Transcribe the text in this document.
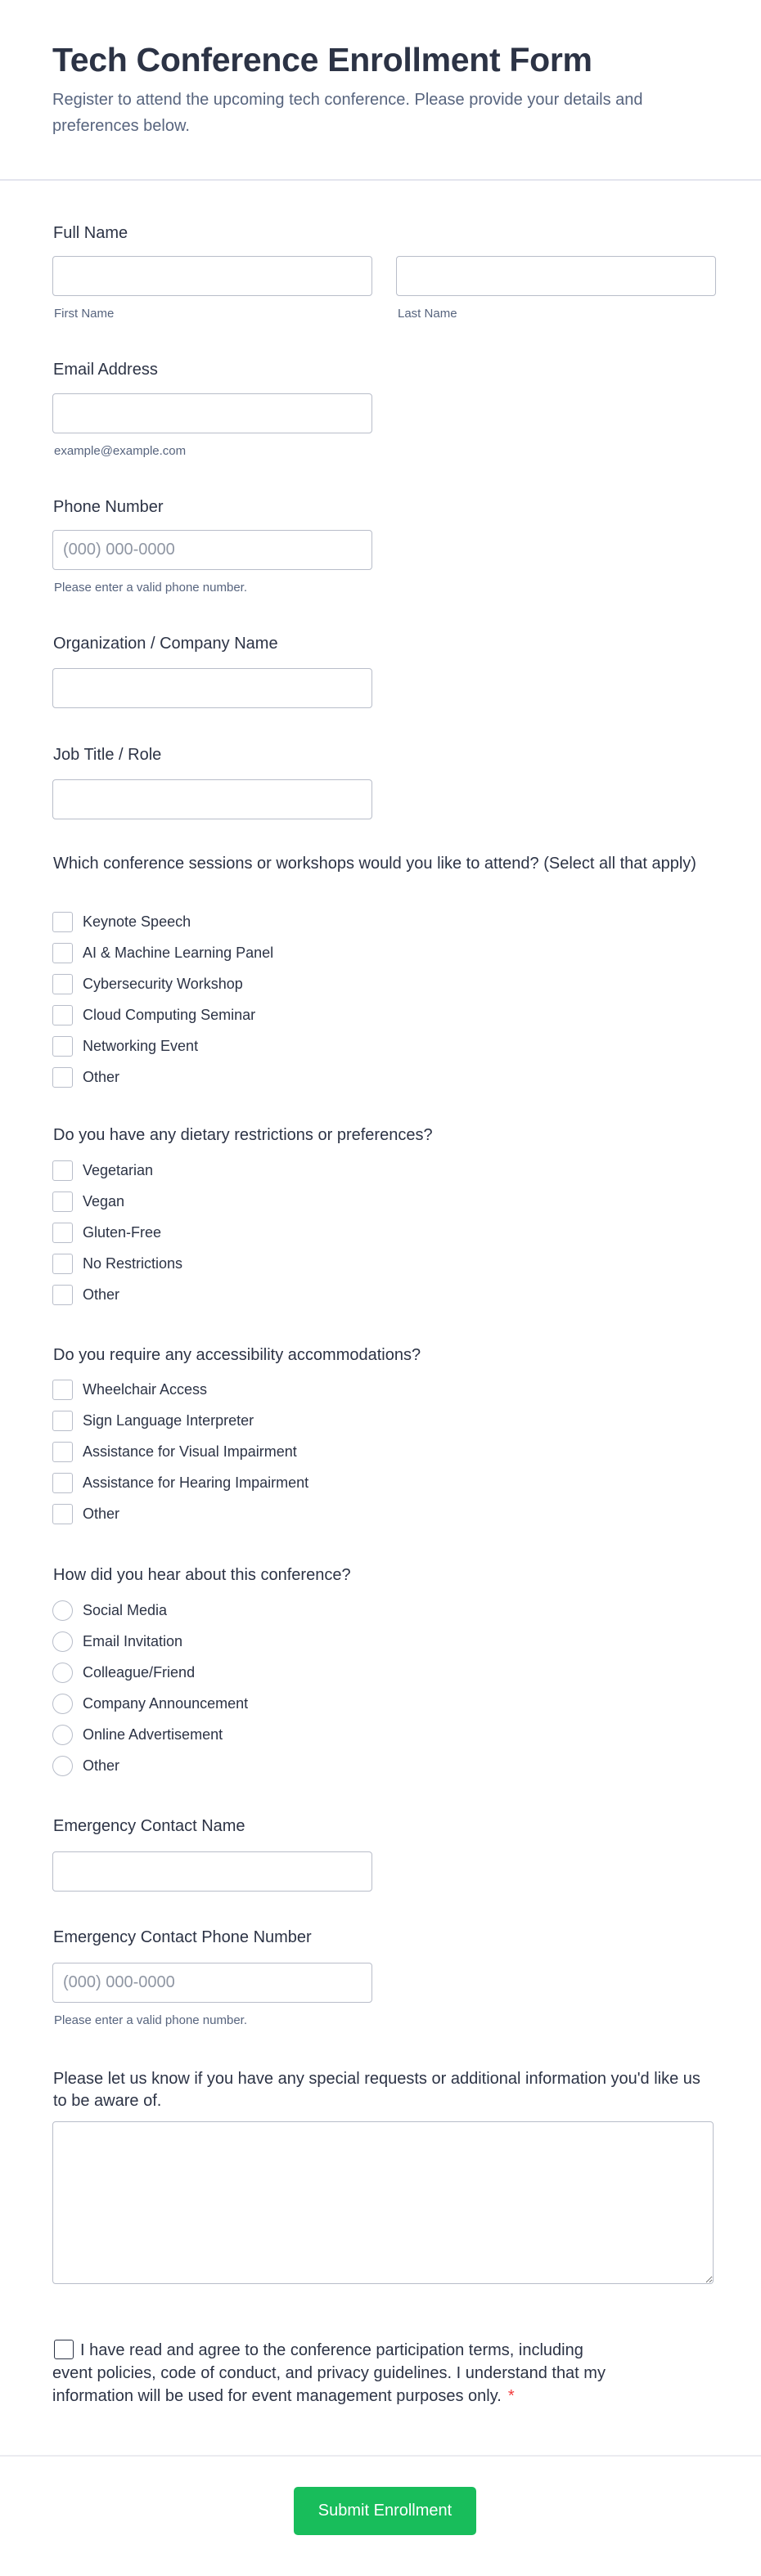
Tech Conference Enrollment Form

Register to attend the upcoming tech conference. Please provide your details and preferences below.

Full Name
First Name	Last Name
Email Address
example@example.com
Phone Number
(000) 000-0000
Please enter a valid phone number.
Organization / Company Name
Job Title / Role
Which conference sessions or workshops would you like to attend? (Select all that apply)
Keynote Speech
AI & Machine Learning Panel
Cybersecurity Workshop
Cloud Computing Seminar
Networking Event
Other
Do you have any dietary restrictions or preferences?
Vegetarian
Vegan
Gluten-Free
No Restrictions
Other
Do you require any accessibility accommodations?
Wheelchair Access
Sign Language Interpreter
Assistance for Visual Impairment
Assistance for Hearing Impairment
Other
How did you hear about this conference?
Social Media
Email Invitation
Colleague/Friend
Company Announcement
Online Advertisement
Other
Emergency Contact Name
Emergency Contact Phone Number
(000) 000-0000
Please enter a valid phone number.
Please let us know if you have any special requests or additional information you'd like us to be aware of.
I have read and agree to the conference participation terms, including event policies, code of conduct, and privacy guidelines. I understand that my information will be used for event management purposes only. *
Submit Enrollment
